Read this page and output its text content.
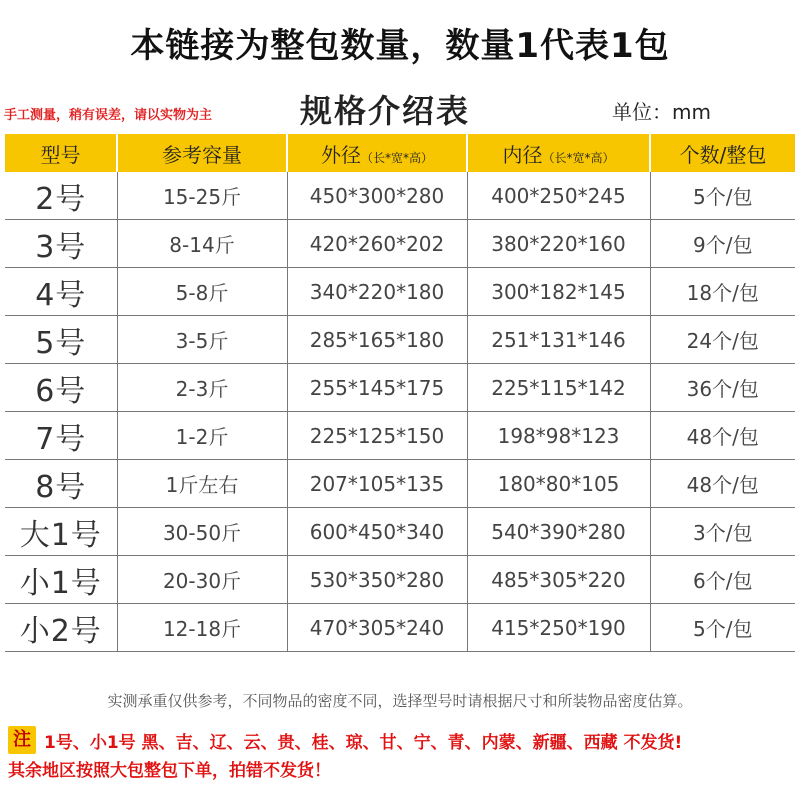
本链接为整包数量，数量1代表1包
手工测量，稍有误差，请以实物为主	规格介绍表	单位：mm
型号	参考容量	外径（长*宽*高）	内径（长*宽*高）	个数/整包
2号	15-25斤	450*300*280	400*250*245	5个/包
3号	8-14斤	420*260*202	380*220*160	9个/包
4号	5-8斤	340*220*180	300*182*145	18个/包
5号	3-5斤	285*165*180	251*131*146	24个/包
6号	2-3斤	255*145*175	225*115*142	36个/包
7号	1-2斤	225*125*150	198*98*123	48个/包
8号	1斤左右	207*105*135	180*80*105	48个/包
大1号	30-50斤	600*450*340	540*390*280	3个/包
小1号	20-30斤	530*350*280	485*305*220	6个/包
小2号	12-18斤	470*305*240	415*250*190	5个/包
实测承重仅供参考，不同物品的密度不同，选择型号时请根据尺寸和所装物品密度估算。
注 1号、小1号 黑、吉、辽、云、贵、桂、琼、甘、宁、青、内蒙、新疆、西藏 不发货!
其余地区按照大包整包下单，拍错不发货！
